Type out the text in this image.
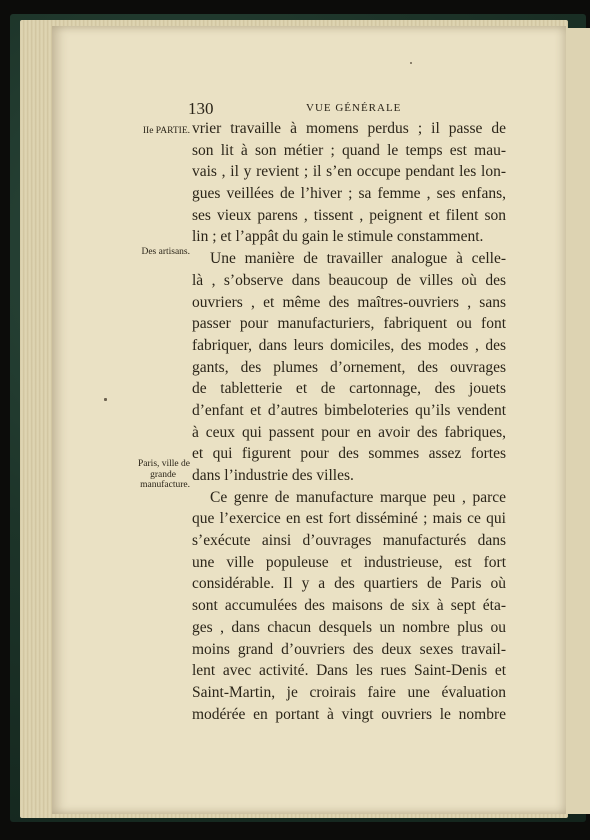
130	VUE GÉNÉRALE
IIe PARTIE.
Des artisans.
Paris, ville de
grande
manufacture.
vrier travaille à momens perdus ; il passe de
son lit à son métier ; quand le temps est mau-
vais , il y revient ; il s’en occupe pendant les lon-
gues veillées de l’hiver ; sa femme , ses enfans,
ses vieux parens , tissent , peignent et filent son
lin ; et l’appât du gain le stimule constamment.
Une manière de travailler analogue à celle-
là , s’observe dans beaucoup de villes où des
ouvriers , et même des maîtres-ouvriers , sans
passer pour manufacturiers, fabriquent ou font
fabriquer, dans leurs domiciles, des modes , des
gants, des plumes d’ornement, des ouvrages
de tabletterie et de cartonnage, des jouets
d’enfant et d’autres bimbeloteries qu’ils vendent
à ceux qui passent pour en avoir des fabriques,
et qui figurent pour des sommes assez fortes
dans l’industrie des villes.
Ce genre de manufacture marque peu , parce
que l’exercice en est fort disséminé ; mais ce qui
s’exécute ainsi d’ouvrages manufacturés dans
une ville populeuse et industrieuse, est fort
considérable. Il y a des quartiers de Paris où
sont accumulées des maisons de six à sept éta-
ges , dans chacun desquels un nombre plus ou
moins grand d’ouvriers des deux sexes travail-
lent avec activité. Dans les rues Saint-Denis et
Saint-Martin, je croirais faire une évaluation
modérée en portant à vingt ouvriers le nombre
